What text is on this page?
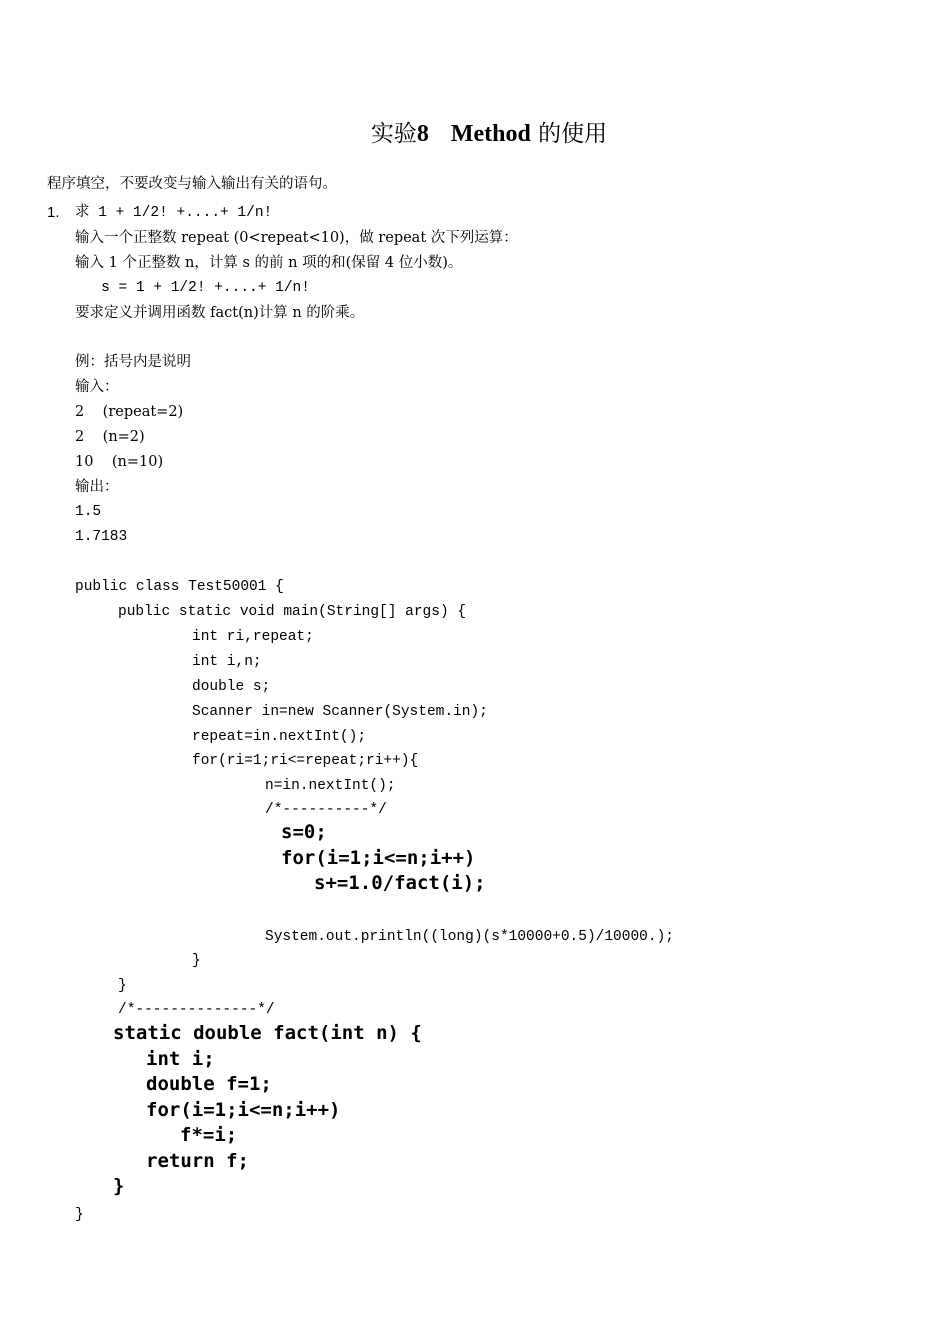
实验8 Method 的使用
程序填空，不要改变与输入输出有关的语句。
1. 求 1 + 1/2! +....+ 1/n!
输入一个正整数 repeat (0<repeat<10)，做 repeat 次下列运算：
输入 1 个正整数 n，计算 s 的前 n 项的和(保留 4 位小数)。
s = 1 + 1/2! +....+ 1/n!
要求定义并调用函数 fact(n)计算 n 的阶乘。
例：括号内是说明
输入：
2    (repeat=2)
2    (n=2)
10    (n=10)
输出：
1.5
1.7183
public class Test50001 {
public static void main(String[] args) {
int ri,repeat;
int i,n;
double s;
Scanner in=new Scanner(System.in);
repeat=in.nextInt();
for(ri=1;ri<=repeat;ri++){
n=in.nextInt();
/*----------*/
s=0;
for(i=1;i<=n;i++)
s+=1.0/fact(i);
System.out.println((long)(s*10000+0.5)/10000.);
}
}
/*--------------*/
static double fact(int n) {
int i;
double f=1;
for(i=1;i<=n;i++)
f*=i;
return f;
}
}
